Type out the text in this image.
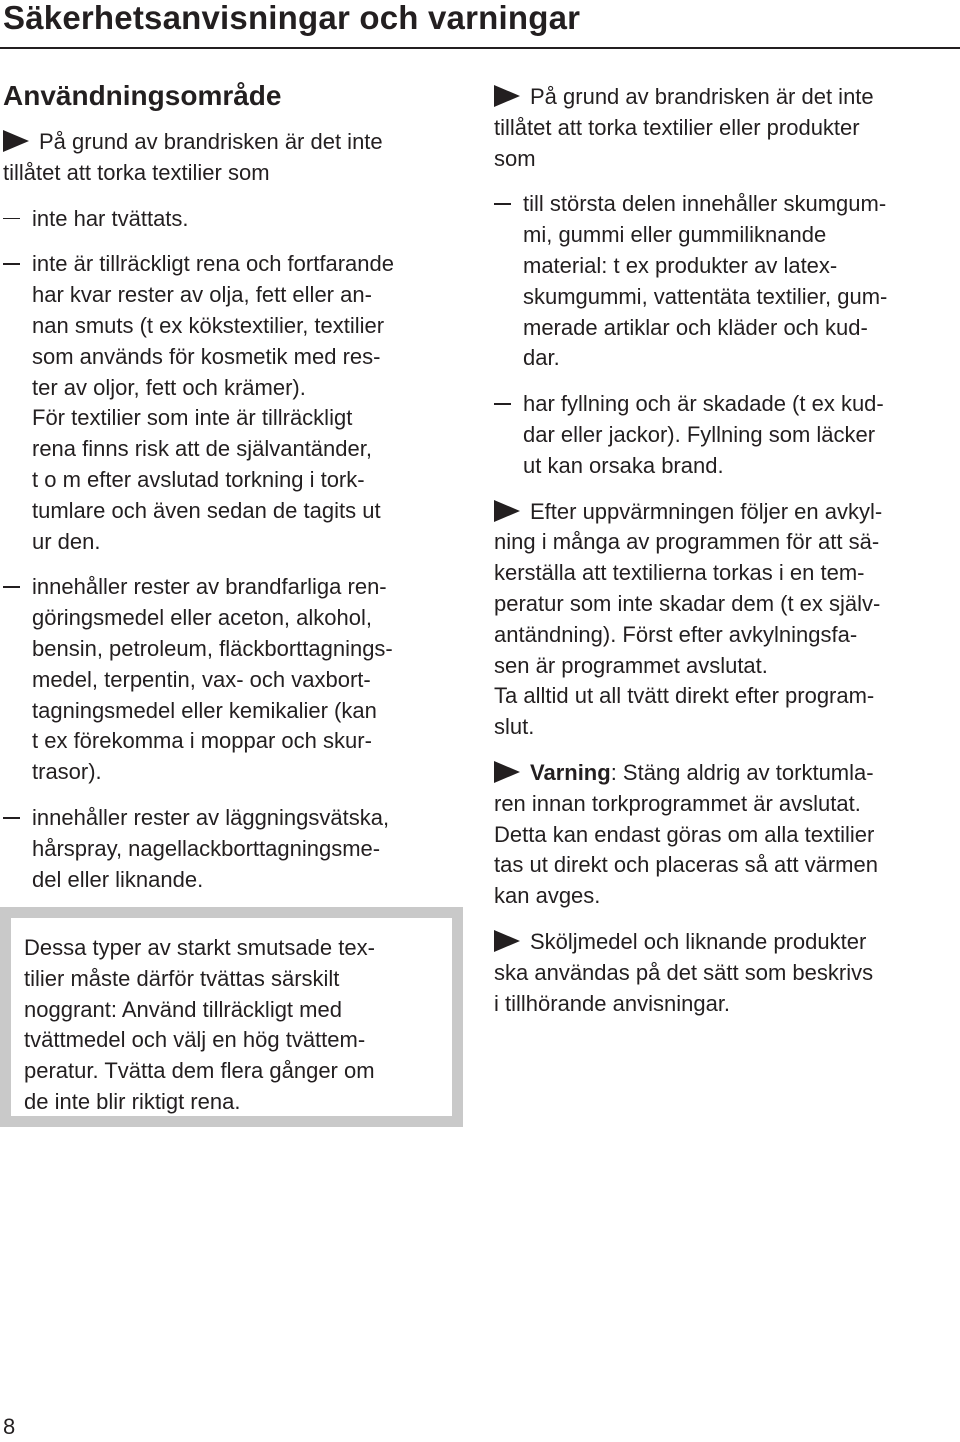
Säkerhetsanvisningar och varningar
Användningsområde

På grund av brandrisken är det inte
tillåtet att torka textilier som

inte har tvättats.
inte är tillräckligt rena och fortfarande
har kvar rester av olja, fett eller an-
nan smuts (t ex kökstextilier, textilier
som används för kosmetik med res-
ter av oljor, fett och krämer).
För textilier som inte är tillräckligt
rena finns risk att de självantänder,
t o m efter avslutad torkning i tork-
tumlare och även sedan de tagits ut
ur den.
innehåller rester av brandfarliga ren-
göringsmedel eller aceton, alkohol,
bensin, petroleum, fläckborttagnings-
medel, terpentin, vax- och vaxbort-
tagningsmedel eller kemikalier (kan
t ex förekomma i moppar och skur-
trasor).
innehåller rester av läggningsvätska,
hårspray, nagellackborttagningsme-
del eller liknande.

Dessa typer av starkt smutsade tex-
tilier måste därför tvättas särskilt
noggrant: Använd tillräckligt med
tvättmedel och välj en hög tvättem-
peratur. Tvätta dem flera gånger om
de inte blir riktigt rena.

På grund av brandrisken är det inte
tillåtet att torka textilier eller produkter
som

till största delen innehåller skumgum-
mi, gummi eller gummiliknande
material: t ex produkter av latex-
skumgummi, vattentäta textilier, gum-
merade artiklar och kläder och kud-
dar.
har fyllning och är skadade (t ex kud-
dar eller jackor). Fyllning som läcker
ut kan orsaka brand.

Efter uppvärmningen följer en avkyl-
ning i många av programmen för att sä-
kerställa att textilierna torkas i en tem-
peratur som inte skadar dem (t ex själv-
antändning). Först efter avkylningsfa-
sen är programmet avslutat.

Ta alltid ut all tvätt direkt efter program-
slut.

Varning: Stäng aldrig av torktumla-
ren innan torkprogrammet är avslutat.
Detta kan endast göras om alla textilier
tas ut direkt och placeras så att värmen
kan avges.

Sköljmedel och liknande produkter
ska användas på det sätt som beskrivs
i tillhörande anvisningar.

8
